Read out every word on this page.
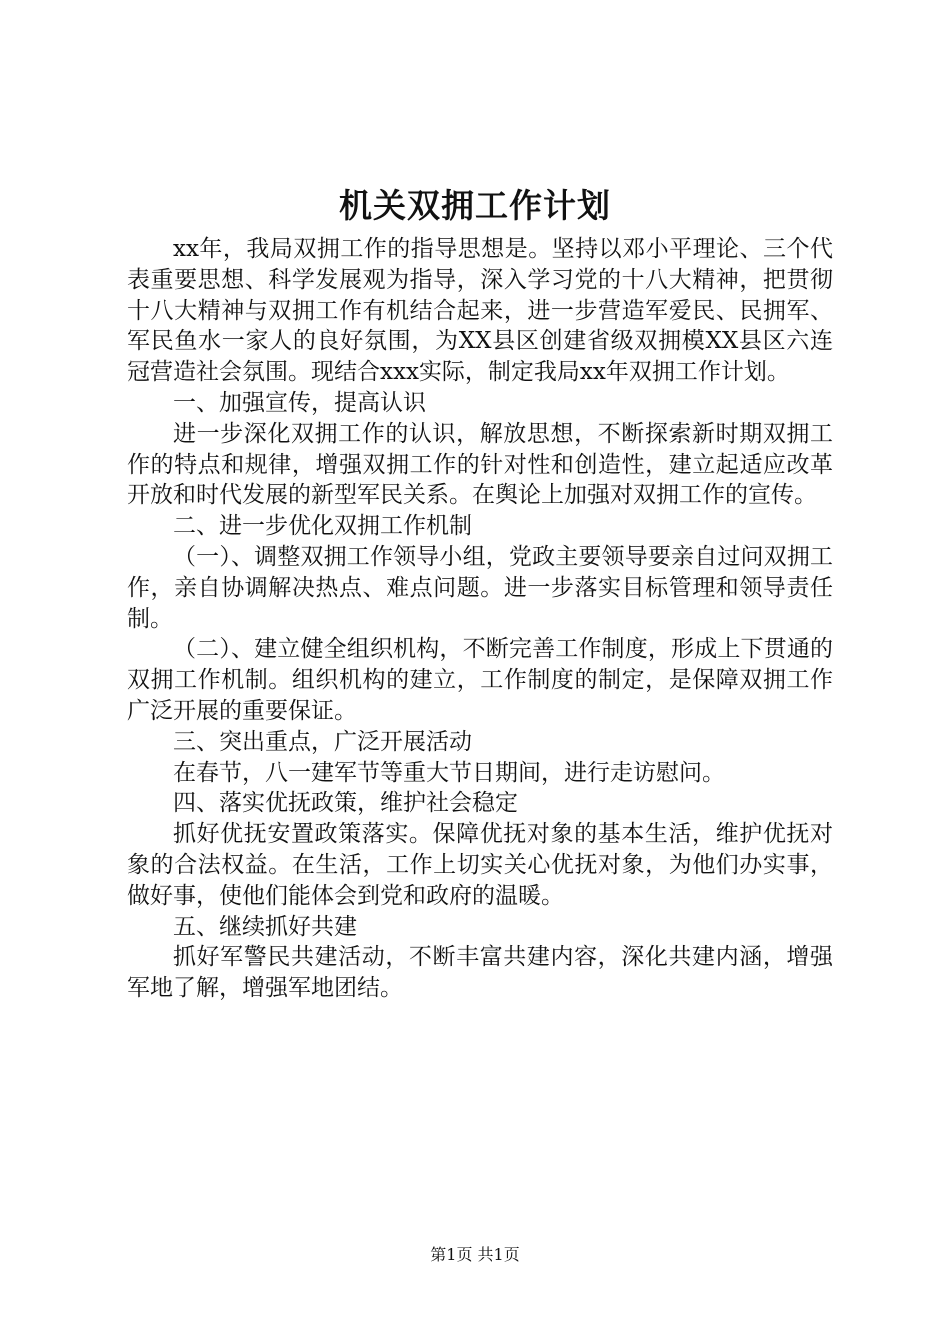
机关双拥工作计划

xx年，我局双拥工作的指导思想是。坚持以邓小平理论、三个代表重要思想、科学发展观为指导，深入学习党的十八大精神，把贯彻十八大精神与双拥工作有机结合起来，进一步营造军爱民、民拥军、军民鱼水一家人的良好氛围，为XX县区创建省级双拥模XX县区六连冠营造社会氛围。现结合xxx实际，制定我局xx年双拥工作计划。

一、加强宣传，提高认识

进一步深化双拥工作的认识，解放思想，不断探索新时期双拥工作的特点和规律，增强双拥工作的针对性和创造性，建立起适应改革开放和时代发展的新型军民关系。在舆论上加强对双拥工作的宣传。

二、进一步优化双拥工作机制

（一）、调整双拥工作领导小组，党政主要领导要亲自过问双拥工作，亲自协调解决热点、难点问题。进一步落实目标管理和领导责任制。

（二）、建立健全组织机构，不断完善工作制度，形成上下贯通的双拥工作机制。组织机构的建立，工作制度的制定，是保障双拥工作广泛开展的重要保证。

三、突出重点，广泛开展活动

在春节，八一建军节等重大节日期间，进行走访慰问。

四、落实优抚政策，维护社会稳定

抓好优抚安置政策落实。保障优抚对象的基本生活，维护优抚对象的合法权益。在生活，工作上切实关心优抚对象，为他们办实事，做好事，使他们能体会到党和政府的温暖。

五、继续抓好共建

抓好军警民共建活动，不断丰富共建内容，深化共建内涵，增强军地了解，增强军地团结。

第1页 共1页
